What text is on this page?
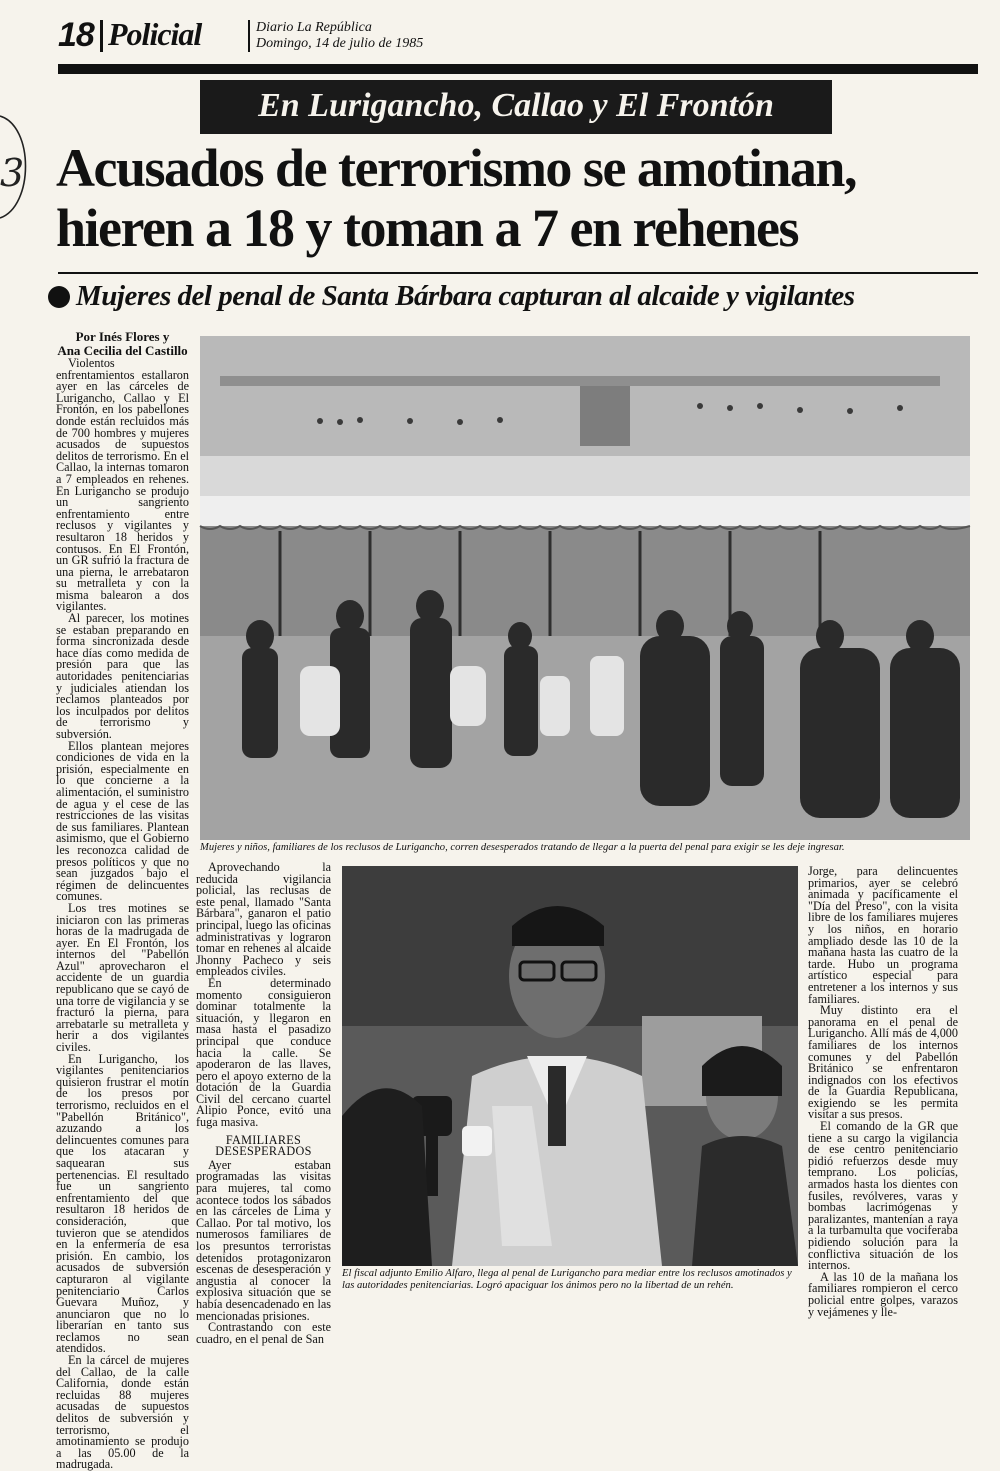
18 Policial	Diario La República
Domingo, 14 de julio de 1985
3
En Lurigancho, Callao y El Frontón
Acusados de terrorismo se amotinan,
hieren a 18 y toman a 7 en rehenes
Mujeres del penal de Santa Bárbara capturan al alcaide y vigilantes

Por Inés Flores y

Ana Cecilia del Castillo

Violentos enfrentamientos estallaron ayer en las cárceles de Lurigancho, Callao y El Frontón, en los pabellones donde están recluidos más de 700 hombres y mujeres acusados de supuestos delitos de terrorismo. En el Callao, la internas tomaron a 7 empleados en rehenes. En Lurigancho se produjo un sangriento enfrentamiento entre reclusos y vigilantes y resultaron 18 heridos y contusos. En El Frontón, un GR sufrió la fractura de una pierna, le arrebataron su metralleta y con la misma balearon a dos vigilantes.

Al parecer, los motines se estaban preparando en forma sincronizada desde hace días como medida de presión para que las autoridades penitenciarias y judiciales atiendan los reclamos planteados por los inculpados por delitos de terrorismo y subversión.

Ellos plantean mejores condiciones de vida en la prisión, especialmente en lo que concierne a la alimentación, el suministro de agua y el cese de las restricciones de las visitas de sus familiares. Plantean asimismo, que el Gobierno les reconozca calidad de presos políticos y que no sean juzgados bajo el régimen de delincuentes comunes.

Los tres motines se iniciaron con las primeras horas de la madrugada de ayer. En El Frontón, los internos del "Pabellón Azul" aprovecharon el accidente de un guardia republicano que se cayó de una torre de vigilancia y se fracturó la pierna, para arrebatarle su metralleta y herir a dos vigilantes civiles.

En Lurigancho, los vigilantes penitenciarios quisieron frustrar el motín de los presos por terrorismo, recluidos en el "Pabellón Británico", azuzando a los delincuentes comunes para que los atacaran y saquearan sus pertenencias. El resultado fue un sangriento enfrentamiento del que resultaron 18 heridos de consideración, que tuvieron que se atendidos en la enfermería de esa prisión. En cambio, los acusados de subversión capturaron al vigilante penitenciario Carlos Guevara Muñoz, y anunciaron que no lo liberarían en tanto sus reclamos no sean atendidos.

En la cárcel de mujeres del Callao, de la calle California, donde están recluidas 88 mujeres acusadas de supuestos delitos de subversión y terrorismo, el amotinamiento se produjo a las 05.00 de la madrugada.

Mujeres y niños, familiares de los reclusos de Lurigancho, corren desesperados tratando de llegar a la puerta del penal para exigir se les deje ingresar.

Aprovechando la reducida vigilancia policial, las reclusas de este penal, llamado "Santa Bárbara", ganaron el patio principal, luego las oficinas administrativas y lograron tomar en rehenes al alcaide Jhonny Pacheco y seis empleados civiles.

En determinado momento consiguieron dominar totalmente la situación, y llegaron en masa hasta el pasadizo principal que conduce hacia la calle. Se apoderaron de las llaves, pero el apoyo externo de la dotación de la Guardia Civil del cercano cuartel Alipio Ponce, evitó una fuga masiva.

FAMILIARES DESESPERADOS

Ayer estaban programadas las visitas para mujeres, tal como acontece todos los sábados en las cárceles de Lima y Callao. Por tal motivo, los numerosos familiares de los presuntos terroristas detenidos protagonizaron escenas de desesperación y angustia al conocer la explosiva situación que se había desencadenado en las mencionadas prisiones.

Contrastando con este cuadro, en el penal de San

El fiscal adjunto Emilio Alfaro, llega al penal de Lurigancho para mediar entre los reclusos amotinados y las autoridades penitenciarias. Logró apaciguar los ánimos pero no la libertad de un rehén.

Jorge, para delincuentes primarios, ayer se celebró animada y pacíficamente el "Día del Preso", con la visita libre de los familiares mujeres y los niños, en horario ampliado desde las 10 de la mañana hasta las cuatro de la tarde. Hubo un programa artístico especial para entretener a los internos y sus familiares.

Muy distinto era el panorama en el penal de Lurigancho. Allí más de 4,000 familiares de los internos comunes y del Pabellón Británico se enfrentaron indignados con los efectivos de la Guardia Republicana, exigiendo se les permita visitar a sus presos.

El comando de la GR que tiene a su cargo la vigilancia de ese centro penitenciario pidió refuerzos desde muy temprano. Los policías, armados hasta los dientes con fusiles, revólveres, varas y bombas lacrimógenas y paralizantes, mantenían a raya a la turbamulta que vociferaba pidiendo solución para la conflictiva situación de los internos.

A las 10 de la mañana los familiares rompieron el cerco policial entre golpes, varazos y vejámenes y lle-
